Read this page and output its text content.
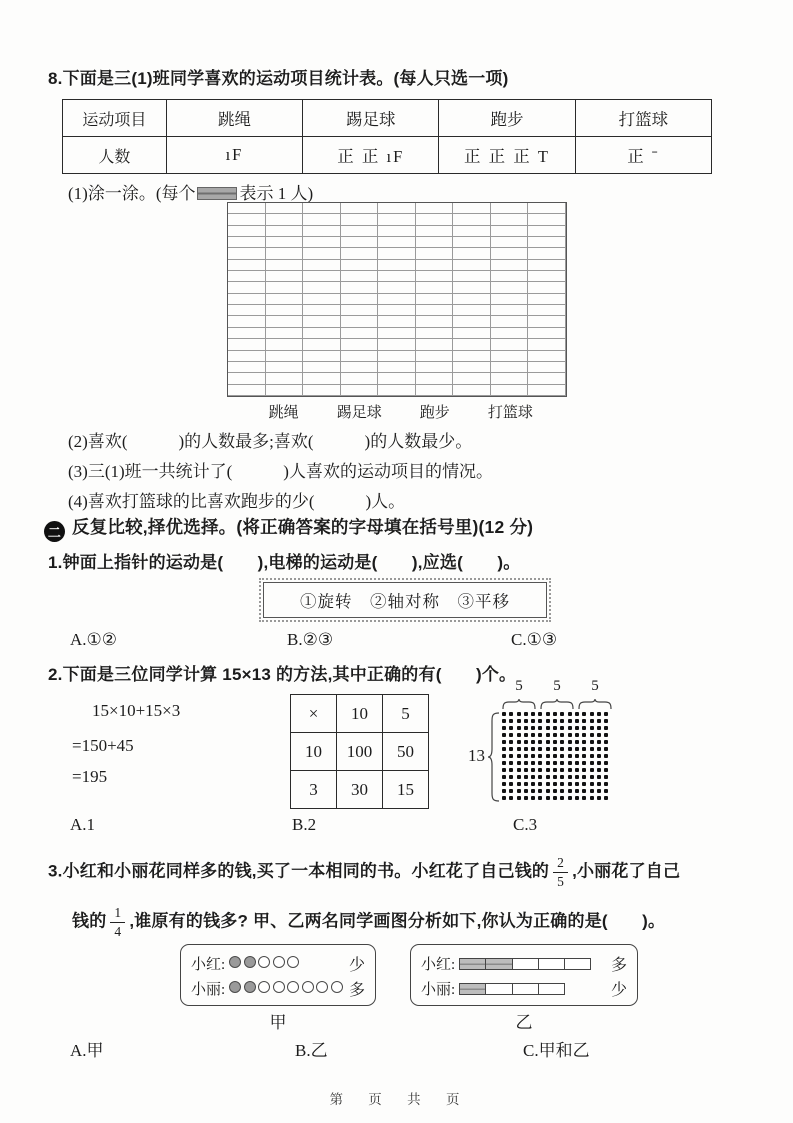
8.下面是三(1)班同学喜欢的运动项目统计表。(每人只选一项)
运动项目	跳绳	踢足球	跑步	打篮球
人数	ıF	正 正 ıF	正 正 正 T	正 ˉ
(1)涂一涂。(每个	表示 1 人)
跳绳	踢足球	跑步	打篮球
(2)喜欢(　　　)的人数最多;喜欢(　　　)的人数最少。
(3)三(1)班一共统计了(　　　)人喜欢的运动项目的情况。
(4)喜欢打篮球的比喜欢跑步的少(　　　)人。
二 反复比较,择优选择。(将正确答案的字母填在括号里)(12 分)
1.钟面上指针的运动是(　　),电梯的运动是(　　),应选(　　)。
①旋转　②轴对称　③平移
A.①②	B.②③	C.①③
2.下面是三位同学计算 15×13 的方法,其中正确的有(　　)个。
15×10+15×3
=150+45
=195
×	10	5
10	100	50
3	30	15
5 5 5
13
A.1	B.2	C.3
3.小红和小丽花同样多的钱,买了一本相同的书。小红花了自己钱的 $\frac{2}{5}$ ,小丽花了自己
钱的 $\frac{1}{4}$ ,谁原有的钱多? 甲、乙两名同学画图分析如下,你认为正确的是(　　)。
小红:	少
小丽:	多
甲
小红:	多
小丽:	少
乙
A.甲	B.乙	C.甲和乙
第 页 共 页
